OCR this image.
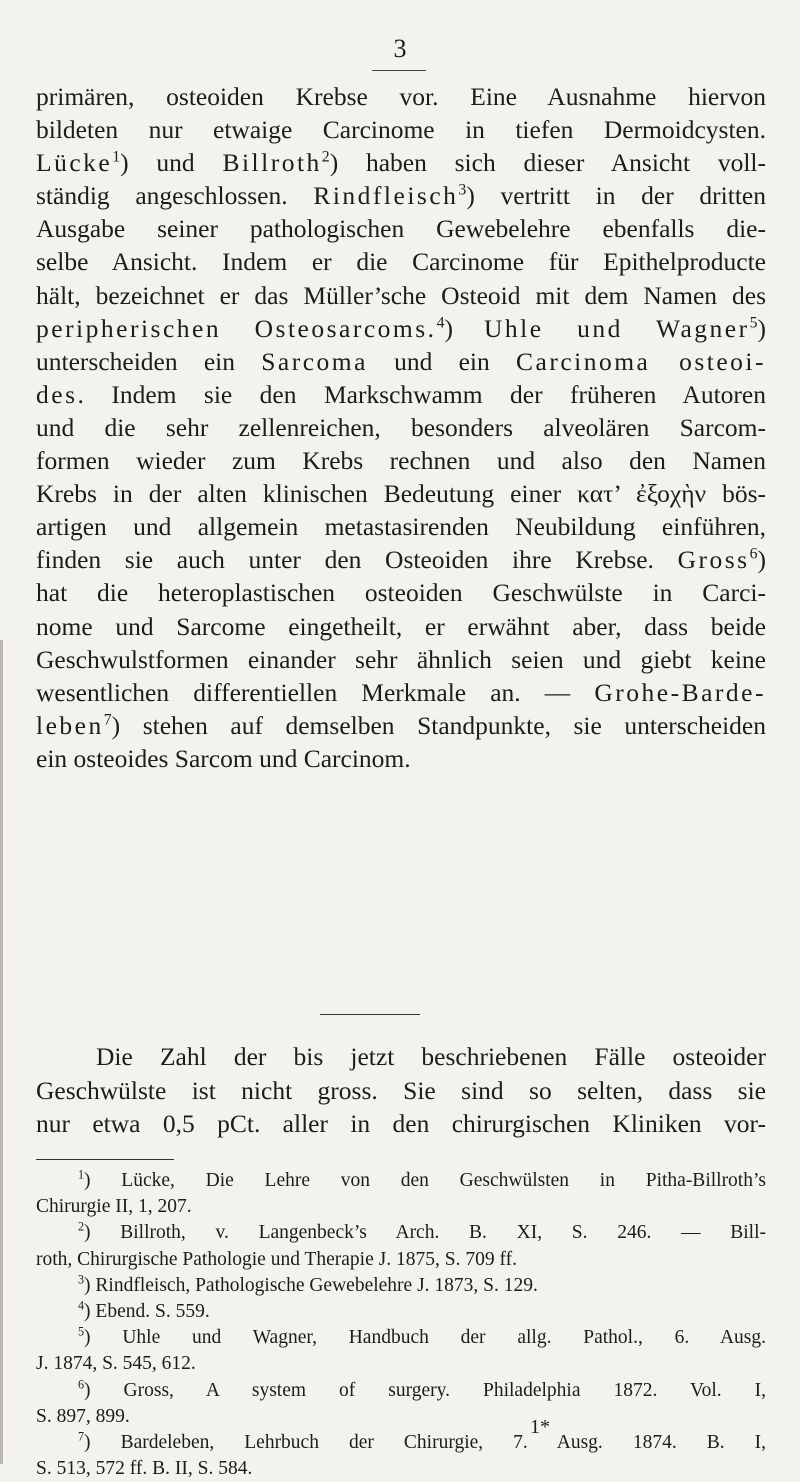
3
primären, osteoiden Krebse vor. Eine Ausnahme hiervon
bildeten nur etwaige Carcinome in tiefen Dermoidcysten.
Lücke$^1$) und Billroth$^2$) haben sich dieser Ansicht voll-
ständig angeschlossen. Rindfleisch$^3$) vertritt in der dritten
Ausgabe seiner pathologischen Gewebelehre ebenfalls die-
selbe Ansicht. Indem er die Carcinome für Epithelproducte
hält, bezeichnet er das Müller’sche Osteoid mit dem Namen des
peripherischen Osteosarcoms.$^4$) Uhle und Wagner$^5$)
unterscheiden ein Sarcoma und ein Carcinoma osteoi-
des. Indem sie den Markschwamm der früheren Autoren
und die sehr zellenreichen, besonders alveolären Sarcom-
formen wieder zum Krebs rechnen und also den Namen
Krebs in der alten klinischen Bedeutung einer κατ’ ἐξοχὴν bös-
artigen und allgemein metastasirenden Neubildung einführen,
finden sie auch unter den Osteoiden ihre Krebse. Gross$^6$)
hat die heteroplastischen osteoiden Geschwülste in Carci-
nome und Sarcome eingetheilt, er erwähnt aber, dass beide
Geschwulstformen einander sehr ähnlich seien und giebt keine
wesentlichen differentiellen Merkmale an. — Grohe-Barde-
leben$^7$) stehen auf demselben Standpunkte, sie unterscheiden
ein osteoides Sarcom und Carcinom.
Die Zahl der bis jetzt beschriebenen Fälle osteoider
Geschwülste ist nicht gross. Sie sind so selten, dass sie
nur etwa 0,5 pCt. aller in den chirurgischen Kliniken vor-
$^1$) Lücke, Die Lehre von den Geschwülsten in Pitha-Billroth’s
Chirurgie II, 1, 207.
$^2$) Billroth, v. Langenbeck’s Arch. B. XI, S. 246. — Bill-
roth, Chirurgische Pathologie und Therapie J. 1875, S. 709 ff.
$^3$) Rindfleisch, Pathologische Gewebelehre J. 1873, S. 129.
$^4$) Ebend. S. 559.
$^5$) Uhle und Wagner, Handbuch der allg. Pathol., 6. Ausg.
J. 1874, S. 545, 612.
$^6$) Gross, A system of surgery. Philadelphia 1872. Vol. I,
S. 897, 899.
$^7$) Bardeleben, Lehrbuch der Chirurgie, 7. Ausg. 1874. B. I,
S. 513, 572 ff. B. II, S. 584.
1*
